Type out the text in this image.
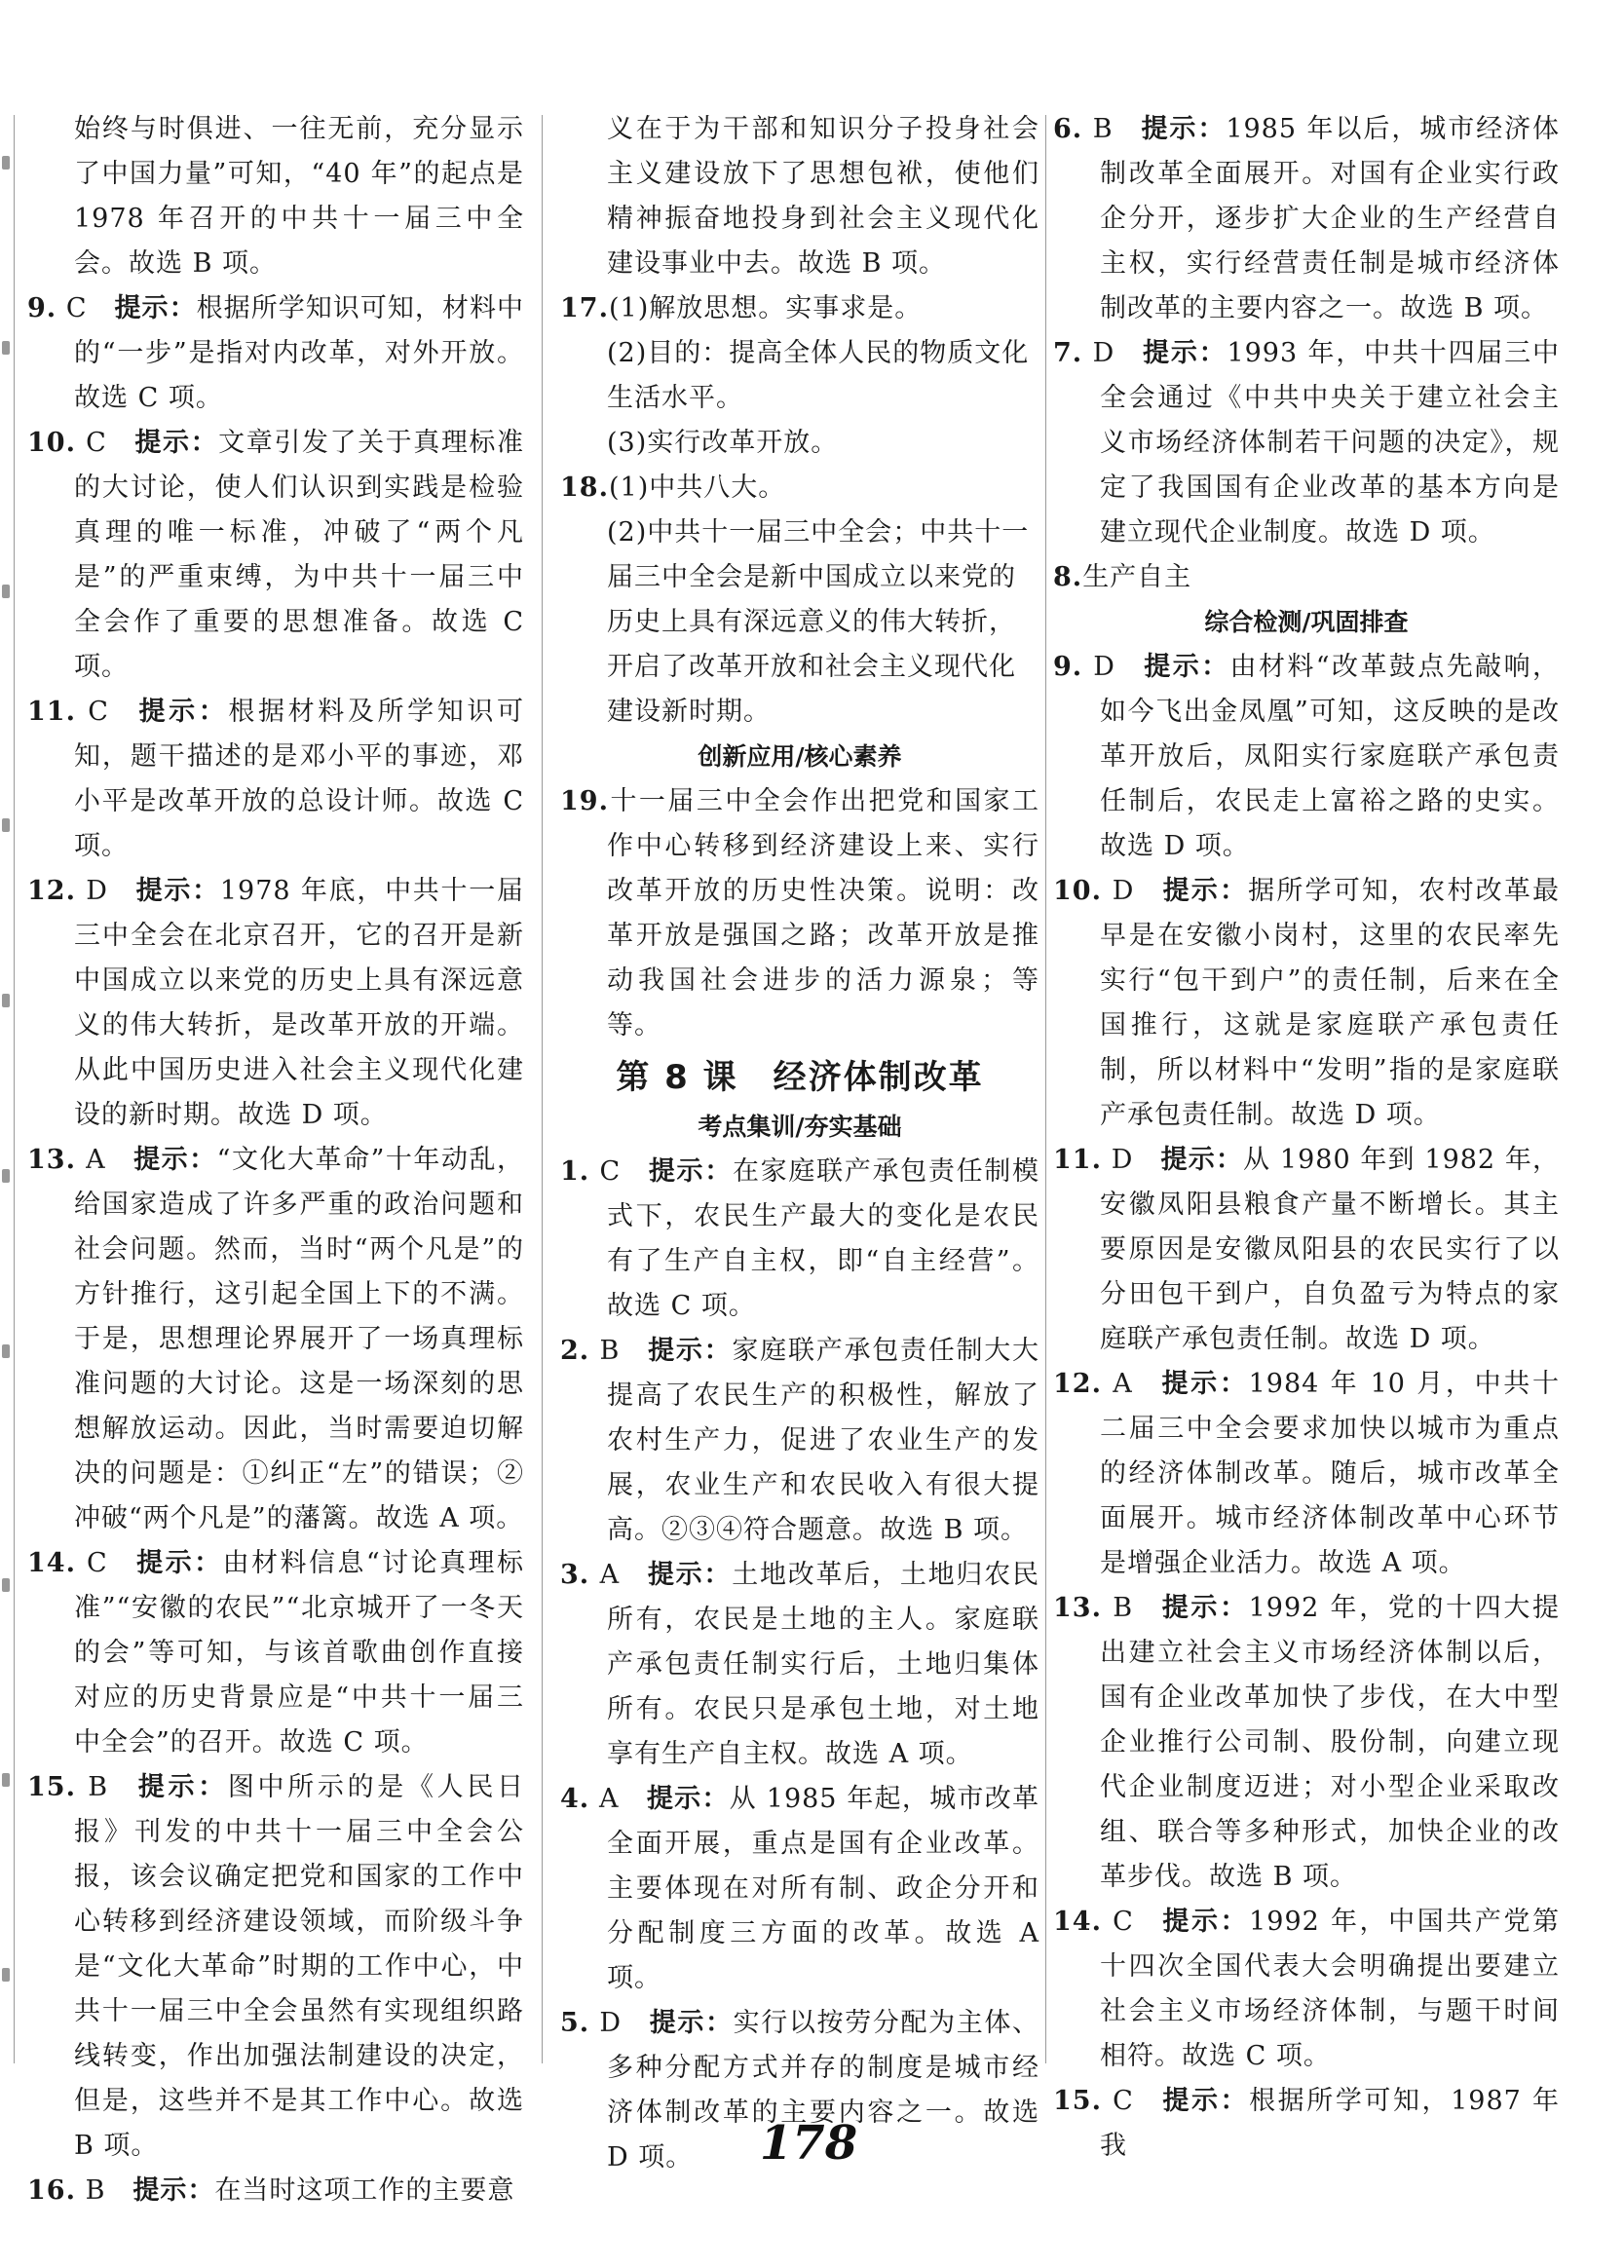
始终与时俱进、一往无前，充分显示了中国力量”可知，“40 年”的起点是1978 年召开的中共十一届三中全会。故选 B 项。

9. C  提示：根据所学知识可知，材料中的“一步”是指对内改革，对外开放。故选 C 项。

10. C  提示：文章引发了关于真理标准的大讨论，使人们认识到实践是检验真理的唯一标准，冲破了“两个凡是”的严重束缚，为中共十一届三中全会作了重要的思想准备。故选 C 项。

11. C  提示：根据材料及所学知识可知，题干描述的是邓小平的事迹，邓小平是改革开放的总设计师。故选 C 项。

12. D  提示：1978 年底，中共十一届三中全会在北京召开，它的召开是新中国成立以来党的历史上具有深远意义的伟大转折，是改革开放的开端。从此中国历史进入社会主义现代化建设的新时期。故选 D 项。

13. A  提示：“文化大革命”十年动乱，给国家造成了许多严重的政治问题和社会问题。然而，当时“两个凡是”的方针推行，这引起全国上下的不满。于是，思想理论界展开了一场真理标准问题的大讨论。这是一场深刻的思想解放运动。因此，当时需要迫切解决的问题是：①纠正“左”的错误；②冲破“两个凡是”的藩篱。故选 A 项。

14. C  提示：由材料信息“讨论真理标准”“安徽的农民”“北京城开了一冬天的会”等可知，与该首歌曲创作直接对应的历史背景应是“中共十一届三中全会”的召开。故选 C 项。

15. B  提示：图中所示的是《人民日报》刊发的中共十一届三中全会公报，该会议确定把党和国家的工作中心转移到经济建设领域，而阶级斗争是“文化大革命”时期的工作中心，中共十一届三中全会虽然有实现组织路线转变，作出加强法制建设的决定，但是，这些并不是其工作中心。故选 B 项。

16. B  提示：在当时这项工作的主要意

义在于为干部和知识分子投身社会主义建设放下了思想包袱，使他们精神振奋地投身到社会主义现代化建设事业中去。故选 B 项。

17.(1)解放思想。实事求是。

(2)目的：提高全体人民的物质文化生活水平。

(3)实行改革开放。

18.(1)中共八大。

(2)中共十一届三中全会；中共十一届三中全会是新中国成立以来党的历史上具有深远意义的伟大转折，开启了改革开放和社会主义现代化建设新时期。

创新应用/核心素养

19.十一届三中全会作出把党和国家工作中心转移到经济建设上来、实行改革开放的历史性决策。说明：改革开放是强国之路；改革开放是推动我国社会进步的活力源泉；等等。

第 8 课　经济体制改革

考点集训/夯实基础

1. C  提示：在家庭联产承包责任制模式下，农民生产最大的变化是农民有了生产自主权，即“自主经营”。故选 C 项。

2. B  提示：家庭联产承包责任制大大提高了农民生产的积极性，解放了农村生产力，促进了农业生产的发展，农业生产和农民收入有很大提高。②③④符合题意。故选 B 项。

3. A  提示：土地改革后，土地归农民所有，农民是土地的主人。家庭联产承包责任制实行后，土地归集体所有。农民只是承包土地，对土地享有生产自主权。故选 A 项。

4. A  提示：从 1985 年起，城市改革全面开展，重点是国有企业改革。主要体现在对所有制、政企分开和分配制度三方面的改革。故选 A 项。

5. D  提示：实行以按劳分配为主体、多种分配方式并存的制度是城市经济体制改革的主要内容之一。故选 D 项。

6. B  提示：1985 年以后，城市经济体制改革全面展开。对国有企业实行政企分开，逐步扩大企业的生产经营自主权，实行经营责任制是城市经济体制改革的主要内容之一。故选 B 项。

7. D  提示：1993 年，中共十四届三中全会通过《中共中央关于建立社会主义市场经济体制若干问题的决定》，规定了我国国有企业改革的基本方向是建立现代企业制度。故选 D 项。

8.生产自主

综合检测/巩固排查

9. D  提示：由材料“改革鼓点先敲响，如今飞出金凤凰”可知，这反映的是改革开放后，凤阳实行家庭联产承包责任制后，农民走上富裕之路的史实。故选 D 项。

10. D  提示：据所学可知，农村改革最早是在安徽小岗村，这里的农民率先实行“包干到户”的责任制，后来在全国推行，这就是家庭联产承包责任制，所以材料中“发明”指的是家庭联产承包责任制。故选 D 项。

11. D  提示：从 1980 年到 1982 年，安徽凤阳县粮食产量不断增长。其主要原因是安徽凤阳县的农民实行了以分田包干到户，自负盈亏为特点的家庭联产承包责任制。故选 D 项。

12. A  提示：1984 年 10 月，中共十二届三中全会要求加快以城市为重点的经济体制改革。随后，城市改革全面展开。城市经济体制改革中心环节是增强企业活力。故选 A 项。

13. B  提示：1992 年，党的十四大提出建立社会主义市场经济体制以后，国有企业改革加快了步伐，在大中型企业推行公司制、股份制，向建立现代企业制度迈进；对小型企业采取改组、联合等多种形式，加快企业的改革步伐。故选 B 项。

14. C  提示：1992 年，中国共产党第十四次全国代表大会明确提出要建立社会主义市场经济体制，与题干时间相符。故选 C 项。

15. C  提示：根据所学可知，1987 年我

178
